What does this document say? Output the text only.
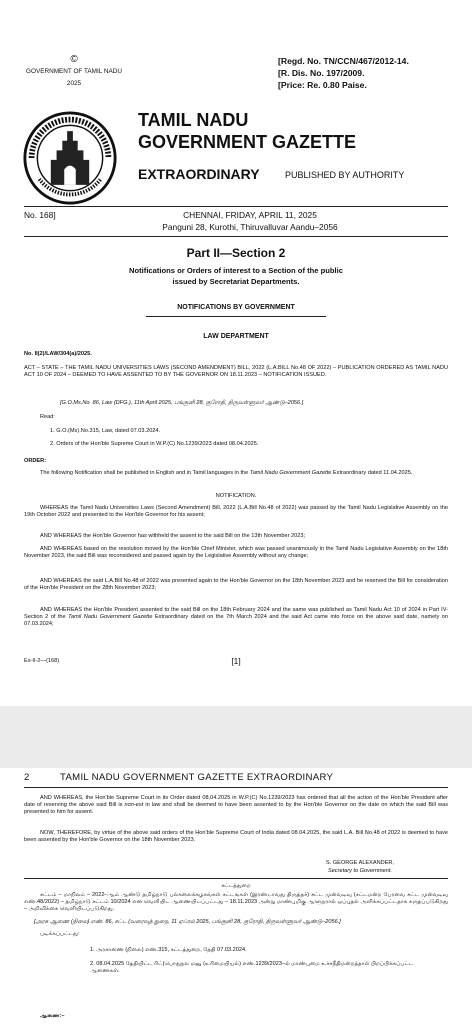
©
GOVERNMENT OF TAMIL NADU
2025
[Regd. No. TN/CCN/467/2012-14.
[R. Dis. No. 197/2009.
[Price: Re. 0.80 Paise.
TAMIL NADU
GOVERNMENT GAZETTE
EXTRAORDINARY	PUBLISHED BY AUTHORITY
No. 168]	CHENNAI, FRIDAY, APRIL 11, 2025
Panguni 28, Kurothi, Thiruvalluvar Aandu–2056
Part II—Section 2
Notifications or Orders of interest to a Section of the public
issued by Secretariat Departments.
NOTIFICATIONS BY GOVERNMENT
LAW DEPARTMENT
No. II(2)/LAW/304(a)/2025.
ACT – STATE – THE TAMIL NADU UNIVERSITIES LAWS (SECOND AMENDMENT) BILL, 2022 (L.A.BILL No.48 OF 2022) – PUBLICATION ORDERED AS TAMIL NADU ACT 10 OF 2024 – DEEMED TO HAVE ASSENTED TO BY THE GOVERNOR ON 18.11.2023 – NOTIFICATION ISSUED.
[G.O.Ms.No. 86, Law (DFG.), 11th April 2025, பங்குனி 28, குரோதி, திருவள்ளுவர் ஆண்டு–2056.]
Read:
1. G.O.(Ms).No.315, Law, dated 07.03.2024.
2. Orders of the Hon'ble Supreme Court in W.P.(C) No.1239/2023 dated 08.04.2025.
ORDER:
The following Notification shall be published in English and in Tamil languages in the Tamil Nadu Government Gazette Extraordinary dated 11.04.2025.
NOTIFICATION.
WHEREAS the Tamil Nadu Universities Laws (Second Amendment) Bill, 2022 (L.A.Bill No.48 of 2022) was passed by the Tamil Nadu Legislative Assembly on the 19th October 2022 and presented to the Hon'ble Governor for his assent;
AND WHEREAS the Hon'ble Governor has withheld the assent to the said Bill on the 13th November 2023;
AND WHEREAS based on the resolution moved by the Hon'ble Chief Minister, which was passed unanimously in the Tamil Nadu Legislative Assembly on the 18th November 2023, the said Bill was reconsidered and passed again by the Legislative Assembly without any change;
AND WHEREAS the said L.A.Bill No.48 of 2022 was presented again to the Hon'ble Governor on the 18th November 2023 and he reserved the Bill for consideration of the Hon'ble President on the 28th November 2023;
AND WHEREAS the Hon'ble President assented to the said Bill on the 18th February 2024 and the same was published as Tamil Nadu Act 10 of 2024 in Part IV- Section 2 of the Tamil Nadu Government Gazette Extraordinary dated on the 7th March 2024 and the said Act came into force on the above said date, namely on 07.03.2024;
Ex-II-2—(168)	[1]
2	TAMIL NADU GOVERNMENT GAZETTE EXTRAORDINARY
AND WHEREAS, the Hon'ble Supreme Court in its Order dated 08.04.2025 in W.P.(C) No.1239/2023 has ordered that all the action of the Hon'ble President after date of reserving the above said Bill is non-est in law and shall be deemed to have been assented to by the Hon'ble Governor on the date on which the said Bill was presented to him for assent.
NOW, THEREFORE, by virtue of the above said orders of the Hon'ble Supreme Court of India dated 08.04.2025, the said L.A. Bill No.48 of 2022 is deemed to have been assented by the Hon'ble Governor on the 18th November 2023.
S. GEORGE ALEXANDER,
Secretary to Government.
சட்டத்துறை
சட்டம் – மாநிலம் – 2022–ஆம் ஆண்டு தமிழ்நாடு பல்கலைக்கழகங்கள் சட்டங்கள் (இரண்டாவது திருத்தச்) சட்ட முன்வடிவு (சட்டமன்ற பேரவை சட்ட முன்வடிவு எண்.48/2022) – தமிழ்நாடு சட்டம் 10/2024 என வெளியிட ஆணையிடப்பட்டது – 18.11.2023 அன்று மாண்புமிகு ஆளுநரால் ஒப்புதல் அளிக்கப்பட்டதாக கருதப்படுகிறது – அறிவிக்கை வெளியிடப்படுகிறது.
[அரசு ஆணை (நிலை) எண். 86, சட்ட (வரைவுத் துறை, 11 ஏப்ரல் 2025, பங்குனி 28, குரோதி, திருவள்ளுவர் ஆண்டு–2056.]
படிக்கப்பட்டது:
1. அரசாணை (நிலை) எண்.315, சட்டத்துறை, தேதி 07.03.2024.
2. 08.04.2025 தேதியிட்ட ரிட்(பொதுநல மனு (உரிமையியல்) எண்.1239/2023–ல் மாண்புமை உச்சநீதிமன்றத்தால் பிறப்பிக்கப்பட்ட ஆணைகள்.
ஆணை:–
